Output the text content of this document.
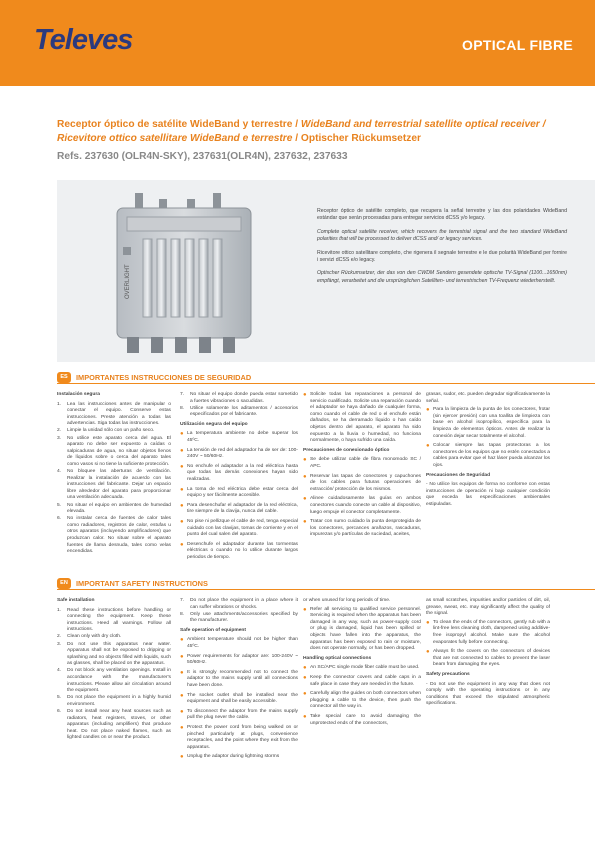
Televes	OPTICAL FIBRE
Receptor óptico de satélite WideBand y terrestre / WideBand and terrestrial satellite optical receiver /
Ricevitore ottico satellitare WideBand e terrestre / Optischer Rückumsetzer
Refs. 237630 (OLR4N-SKY), 237631(OLR4N), 237632, 237633
OVERLIGHT

Receptor óptico de satélite completo, que recupera la señal terrestre y las dos polaridades WideBand estándar que serán procesadas para entregar servicios dCSS y/o legacy.

Complete optical satellite receiver, which recovers the terrestrial signal and the two standard WideBand polarities that will be processed to deliver dCSS and/ or legacy services.

Ricevitore ottico satellitare completo, che rigenera il segnale terrestre e le due polarità WideBand per fornire i servizi dCSS e/o legacy.

Optischer Rückumsetzer, der das von den CWDM Sendern gesendete optische TV-Signal (1100...1650nm) empfängt, verarbeitet und die ursprünglichen Satelliten- und terrestrischen TV-Frequenz wiederherstellt.

ES	IMPORTANTES INSTRUCCIONES DE SEGURIDAD
Instalación segura
1.	Lea las instrucciones antes de manipular o conectar el equipo. Conserve estas instrucciones. Preste atención a todas las advertencias. Siga todas las instrucciones.
2.	Limpie la unidad sólo con un paño seco.
3.	No utilice este aparato cerca del agua. El aparato no debe ser expuesto a caídas o salpicaduras de agua, no situar objetos llenos de líquidos sobre o cerca del aparato tales como vasos si no tiene la suficiente protección.
4.	No bloquee las aberturas de ventilación. Realizar la instalación de acuerdo con las instrucciones del fabricante. Dejar un espacio libre alrededor del aparato para proporcionar una ventilación adecuada.
5.	No situar el equipo en ambientes de humedad elevada.
6.	No instalar cerca de fuentes de calor tales como radiadores, registros de calor, estufas u otros aparatos (incluyendo amplificadores) que produzcan calor. No situar sobre el aparato fuentes de llama desnuda, tales como velas encendidas.
7.	No situar el equipo donde pueda estar sometido a fuertes vibraciones o sacudidas.
8.	Utilice solamente los aditamentos / accesorios especificados por el fabricante.
Utilización segura del equipo
● La temperatura ambiente no debe superar los 45ºC.
● La tensión de red del adaptador ha de ser de: 100-240V ~ 50/60Hz.
● No enchufe el adaptador a la red eléctrica hasta que todas las demás conexiones hayan sido realizadas.
● La toma de red eléctrica debe estar cerca del equipo y ser fácilmente accesible.
● Para desenchufar el adaptador de la red eléctrica, tire siempre de la clavija, nunca del cable.
● No pise ni pellizque el cable de red, tenga especial cuidado con las clavijas, tomas de corriente y en el punto del cual salen del aparato.
● Desenchufe el adaptador durante las tormentas eléctricas o cuando no lo utilice durante largos periodos de tiempo.
● Solicite todas las reparaciones a personal de servicio cualificado. Solicite una reparación cuando el adaptador se haya dañado de cualquier forma, como cuando el cable de red o el enchufe están dañados, se ha derramado líquido o han caído objetos dentro del aparato, el aparato ha sido expuesto a la lluvia o humedad, no funciona normalmente, o haya sufrido una caída.
Precauciones de conexionado óptico
● Se debe utilizar cable de fibra monomodo SC / APC.
● Reservar las tapas de conectores y capuchones de los cables para futuras operaciones de extracción/ protección de los mismos.
● Alinee cuidadosamente las guías en ambos conectores cuando conecte un cable al dispositivo, luego empuje el conector completamente.
● Tratar con sumo cuidado la punta desprotegida de los conectores, percances arañazos, rascaduras, impurezas y/o partículas de suciedad, aceites,
grasas, sudor, etc. pueden degradar significativamente la señal.
● Para la limpieza de la punta de los conectores, frotar (sin ejercer presión) con una toallita de limpieza con base en alcohol isopropílico, específica para la limpieza de elementos ópticos. Antes de realizar la conexión dejar secar totalmente el alcohol.
● Colocar siempre las tapas protectoras a los conectores de los equipos que no estén conectados a cables para evitar que el haz láser pueda alcanzar los ojos.
Precauciones de Seguridad
- No utilice los equipos de forma no conforme con estas instrucciones de operación ni bajo cualquier condición que exceda las especificaciones ambientales estipuladas.
EN	IMPORTANT SAFETY INSTRUCTIONS
Safe installation
1.	Read these instructions before handling or connecting the equipment. Keep these instructions. Heed all warnings. Follow all instructions.
2.	Clean only with dry cloth.
3.	Do not use this apparatus near water. Apparatus shall not be exposed to dripping or splashing and no objects filled with liquids, such as glasses, shall be placed on the apparatus.
4.	Do not block any ventilation openings. Install in accordance with the manufacturer's instructions. Please allow air circulation around the equipment.
5.	Do not place the equipment in a highly humid environment.
6.	Do not install near any heat sources such as radiators, heat registers, stoves, or other apparatus (including amplifiers) that produce heat. Do not place naked flames, such as lighted candles on or near the product.
7.	Do not place the equipment in a place where it can suffer vibrations or shocks.
8.	Only use attachments/accessories specified by the manufacturer.
Safe operation of equipment
● Ambient temperature should not be higher than 45ºC.
● Power requirements for adaptor are: 100-240V ~ 50/60Hz.
● It is strongly recommended not to connect the adaptor to the mains supply until all connections have been done.
● The socket outlet shall be installed near the equipment and shall be easily accessible.
● To disconnect the adaptor from the mains supply pull the plug never the cable.
● Protect the power cord from being walked on or pinched particularly at plugs, convenience receptacles, and the point where they exit from the apparatus.
● Unplug the adaptor during lightning storms
or when unused for long periods of time.
● Refer all servicing to qualified service personnel. Servicing is required when the apparatus has been damaged in any way, such as power-supply cord or plug is damaged, liquid has been spilled or objects have fallen into the apparatus, the apparatus has been exposed to rain or moisture, does not operate normally, or has been dropped.
Handling optical connections
● An SC/APC single mode fiber cable must be used.
● Keep the connector covers and cable caps in a safe place in case they are needed in the future.
● Carefully align the guides on both connectors when plugging a cable to the device, then push the connector all the way in.
● Take special care to avoid damaging the unprotected ends of the connectors,
as small scratches, impurities and/or particles of dirt, oil, grease, sweat, etc. may significantly affect the quality of the signal.
● To clean the ends of the connectors, gently rub with a lint-free lens cleaning cloth, dampened using additive-free isopropyl alcohol. Make sure the alcohol evaporates fully before connecting.
● Always fit the covers on the connectors of devices that are not connected to cables to prevent the laser beam from damaging the eyes.
Safety precautions
- Do not use the equipment in any way that does not comply with the operating instructions or in any conditions that exceed the stipulated atmospheric specifications.
